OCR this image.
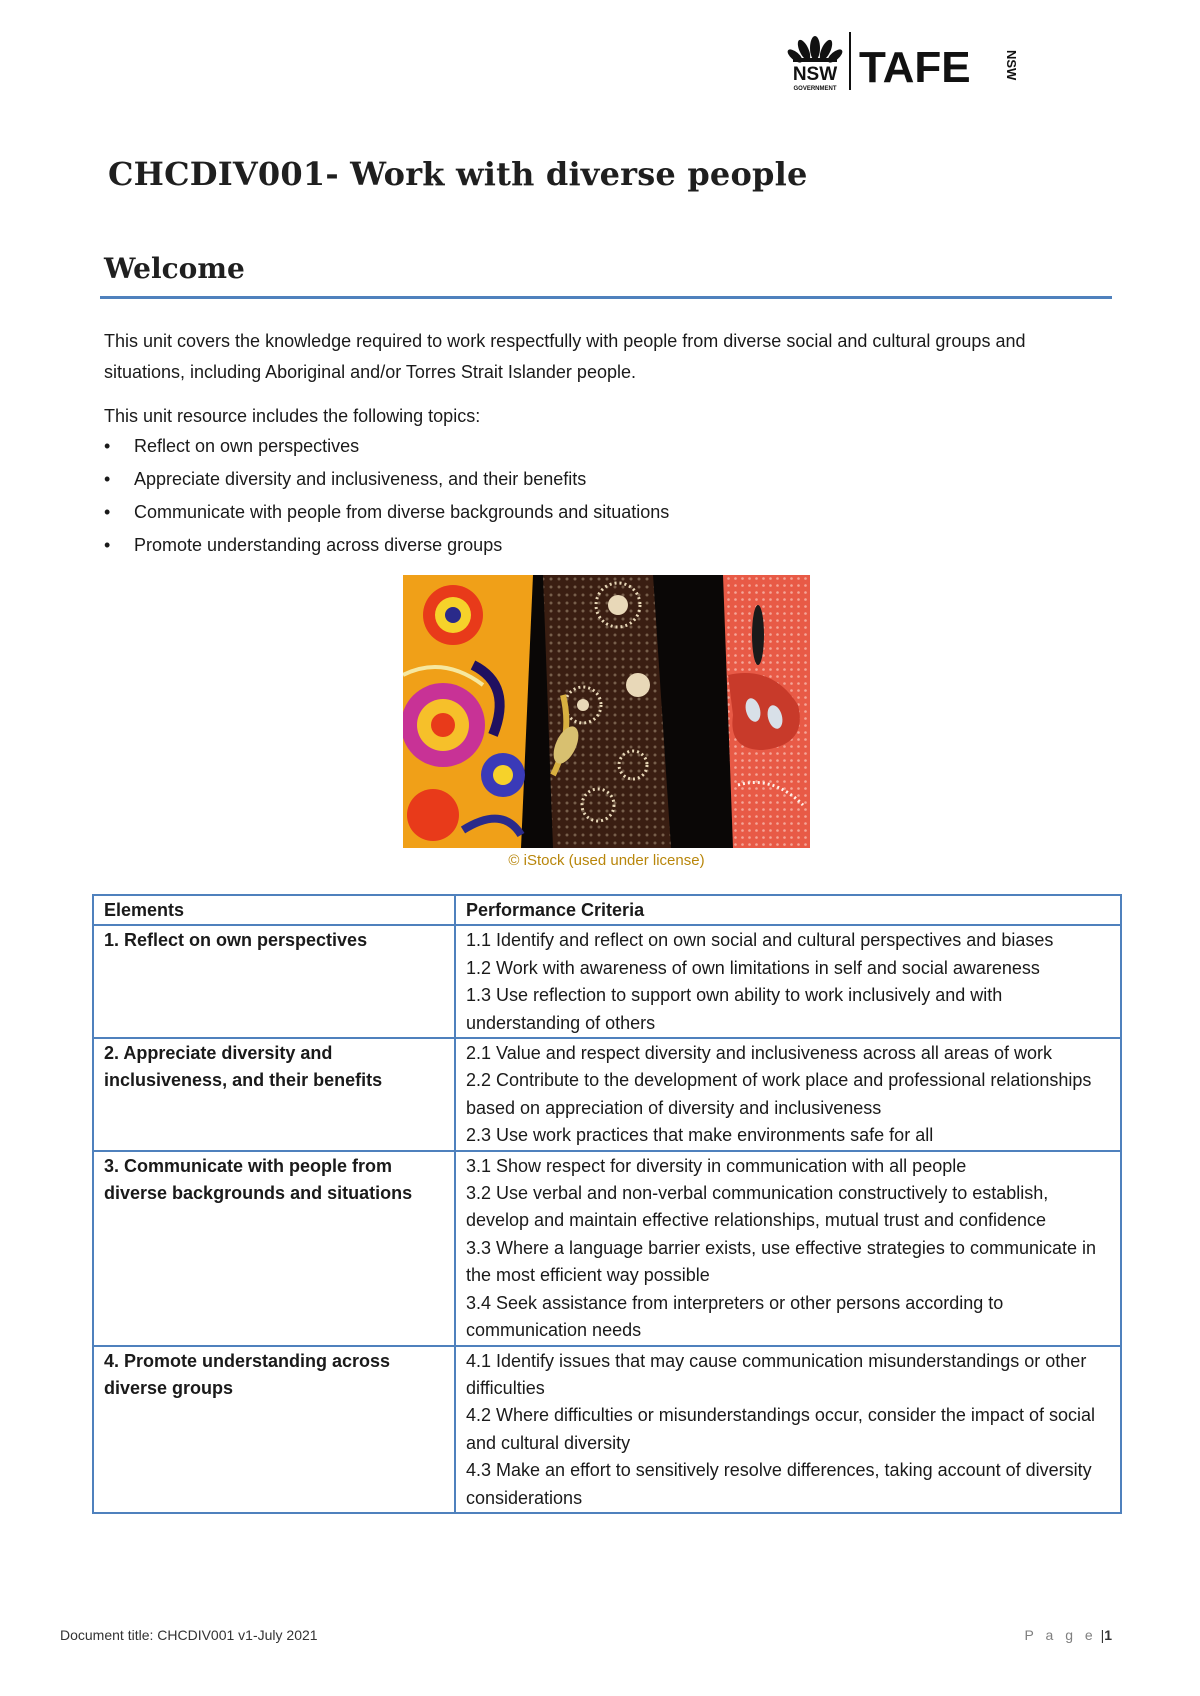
NSW
GOVERNMENT TAFE	NSW
CHCDIV001- Work with diverse people
Welcome

This unit covers the knowledge required to work respectfully with people from diverse social and cultural groups and situations, including Aboriginal and/or Torres Strait Islander people.

This unit resource includes the following topics:

•	Reflect on own perspectives
•	Appreciate diversity and inclusiveness, and their benefits
•	Communicate with people from diverse backgrounds and situations
•	Promote understanding across diverse groups
© iStock (used under license)
Elements	Performance Criteria
1. Reflect on own perspectives	1.1 Identify and reflect on own social and cultural perspectives and biases
1.2 Work with awareness of own limitations in self and social awareness
1.3 Use reflection to support own ability to work inclusively and with understanding of others

2. Appreciate diversity and inclusiveness, and their benefits	2.1 Value and respect diversity and inclusiveness across all areas of work
2.2 Contribute to the development of work place and professional relationships based on appreciation of diversity and inclusiveness
2.3 Use work practices that make environments safe for all

3. Communicate with people from diverse backgrounds and situations	3.1 Show respect for diversity in communication with all people
3.2 Use verbal and non-verbal communication constructively to establish, develop and maintain effective relationships, mutual trust and confidence
3.3 Where a language barrier exists, use effective strategies to communicate in the most efficient way possible
3.4 Seek assistance from interpreters or other persons according to communication needs

4. Promote understanding across diverse groups	4.1 Identify issues that may cause communication misunderstandings or other difficulties
4.2 Where difficulties or misunderstandings occur, consider the impact of social and cultural diversity
4.3 Make an effort to sensitively resolve differences, taking account of diversity considerations
Document title: CHCDIV001 v1-July 2021	P a g e |1
